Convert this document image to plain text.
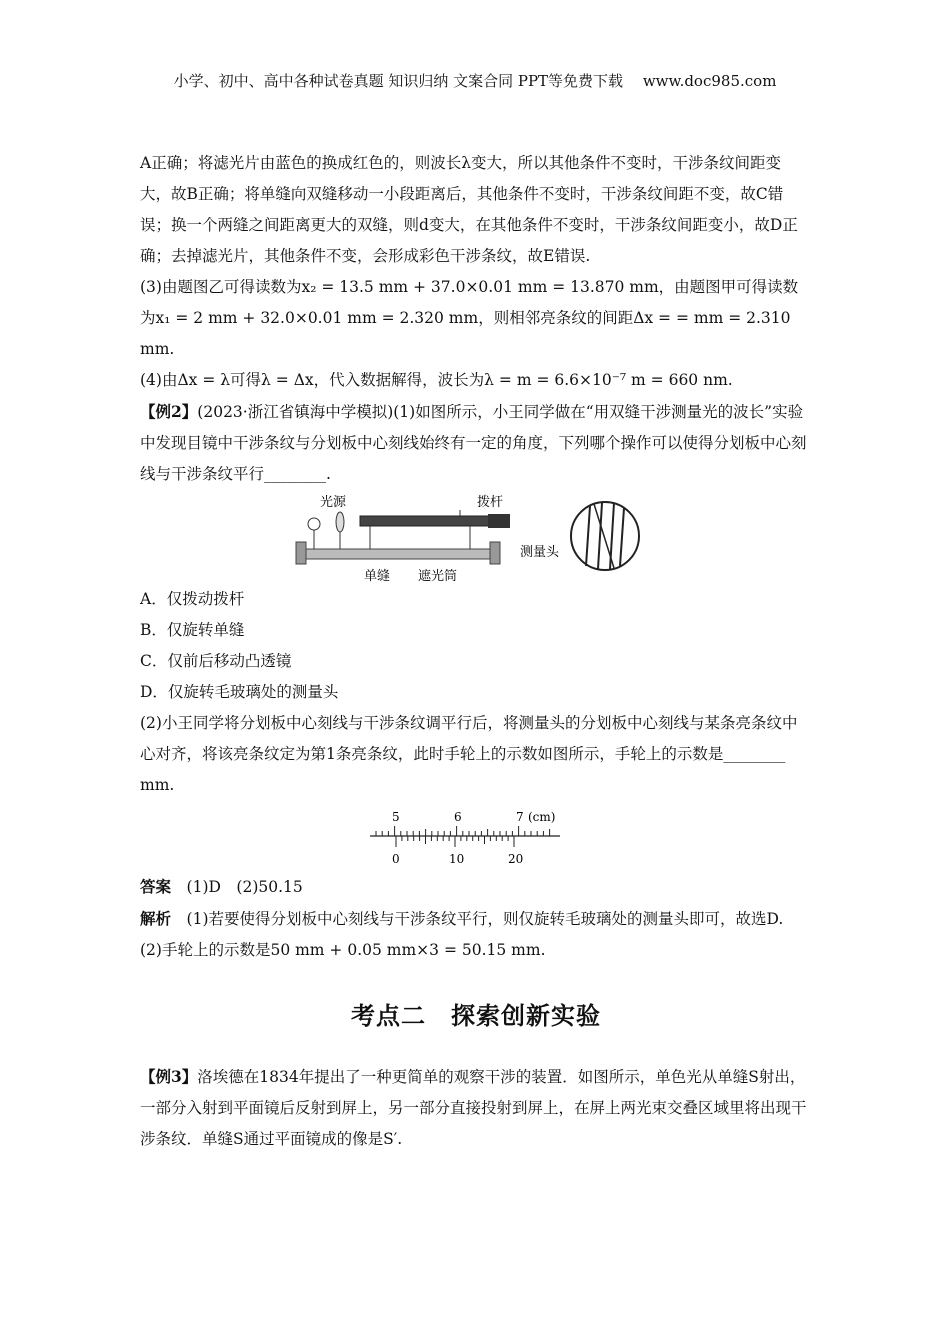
小学、初中、高中各种试卷真题 知识归纳 文案合同 PPT等免费下载　 www.doc985.com

A正确；将滤光片由蓝色的换成红色的，则波长λ变大，所以其他条件不变时，干涉条纹间距变大，故B正确；将单缝向双缝移动一小段距离后，其他条件不变时，干涉条纹间距不变，故C错误；换一个两缝之间距离更大的双缝，则d变大，在其他条件不变时，干涉条纹间距变小，故D正确；去掉滤光片，其他条件不变，会形成彩色干涉条纹，故E错误.

(3)由题图乙可得读数为x₂ = 13.5 mm + 37.0×0.01 mm = 13.870 mm，由题图甲可得读数为x₁ = 2 mm + 32.0×0.01 mm = 2.320 mm，则相邻亮条纹的间距Δx = = mm = 2.310 mm.

(4)由Δx = λ可得λ = Δx，代入数据解得，波长为λ = m = 6.6×10⁻⁷ m = 660 nm.

【例2】(2023·浙江省镇海中学模拟)(1)如图所示，小王同学做在“用双缝干涉测量光的波长”实验中发现目镜中干涉条纹与分划板中心刻线始终有一定的角度，下列哪个操作可以使得分划板中心刻线与干涉条纹平行________.

光源	拨杆
测量头
单缝 遮光筒

A．仅拨动拨杆

B．仅旋转单缝

C．仅前后移动凸透镜

D．仅旋转毛玻璃处的测量头

(2)小王同学将分划板中心刻线与干涉条纹调平行后，将测量头的分划板中心刻线与某条亮条纹中心对齐，将该亮条纹定为第1条亮条纹，此时手轮上的示数如图所示，手轮上的示数是________ mm.

5	6	7 (cm)
0	10	20

答案　 (1)D　(2)50.15

解析　 (1)若要使得分划板中心刻线与干涉条纹平行，则仅旋转毛玻璃处的测量头即可，故选D.

(2)手轮上的示数是50 mm + 0.05 mm×3 = 50.15 mm.

考点二　探索创新实验

【例3】洛埃德在1834年提出了一种更简单的观察干涉的装置．如图所示，单色光从单缝S射出，一部分入射到平面镜后反射到屏上，另一部分直接投射到屏上，在屏上两光束交叠区域里将出现干涉条纹．单缝S通过平面镜成的像是S′.
